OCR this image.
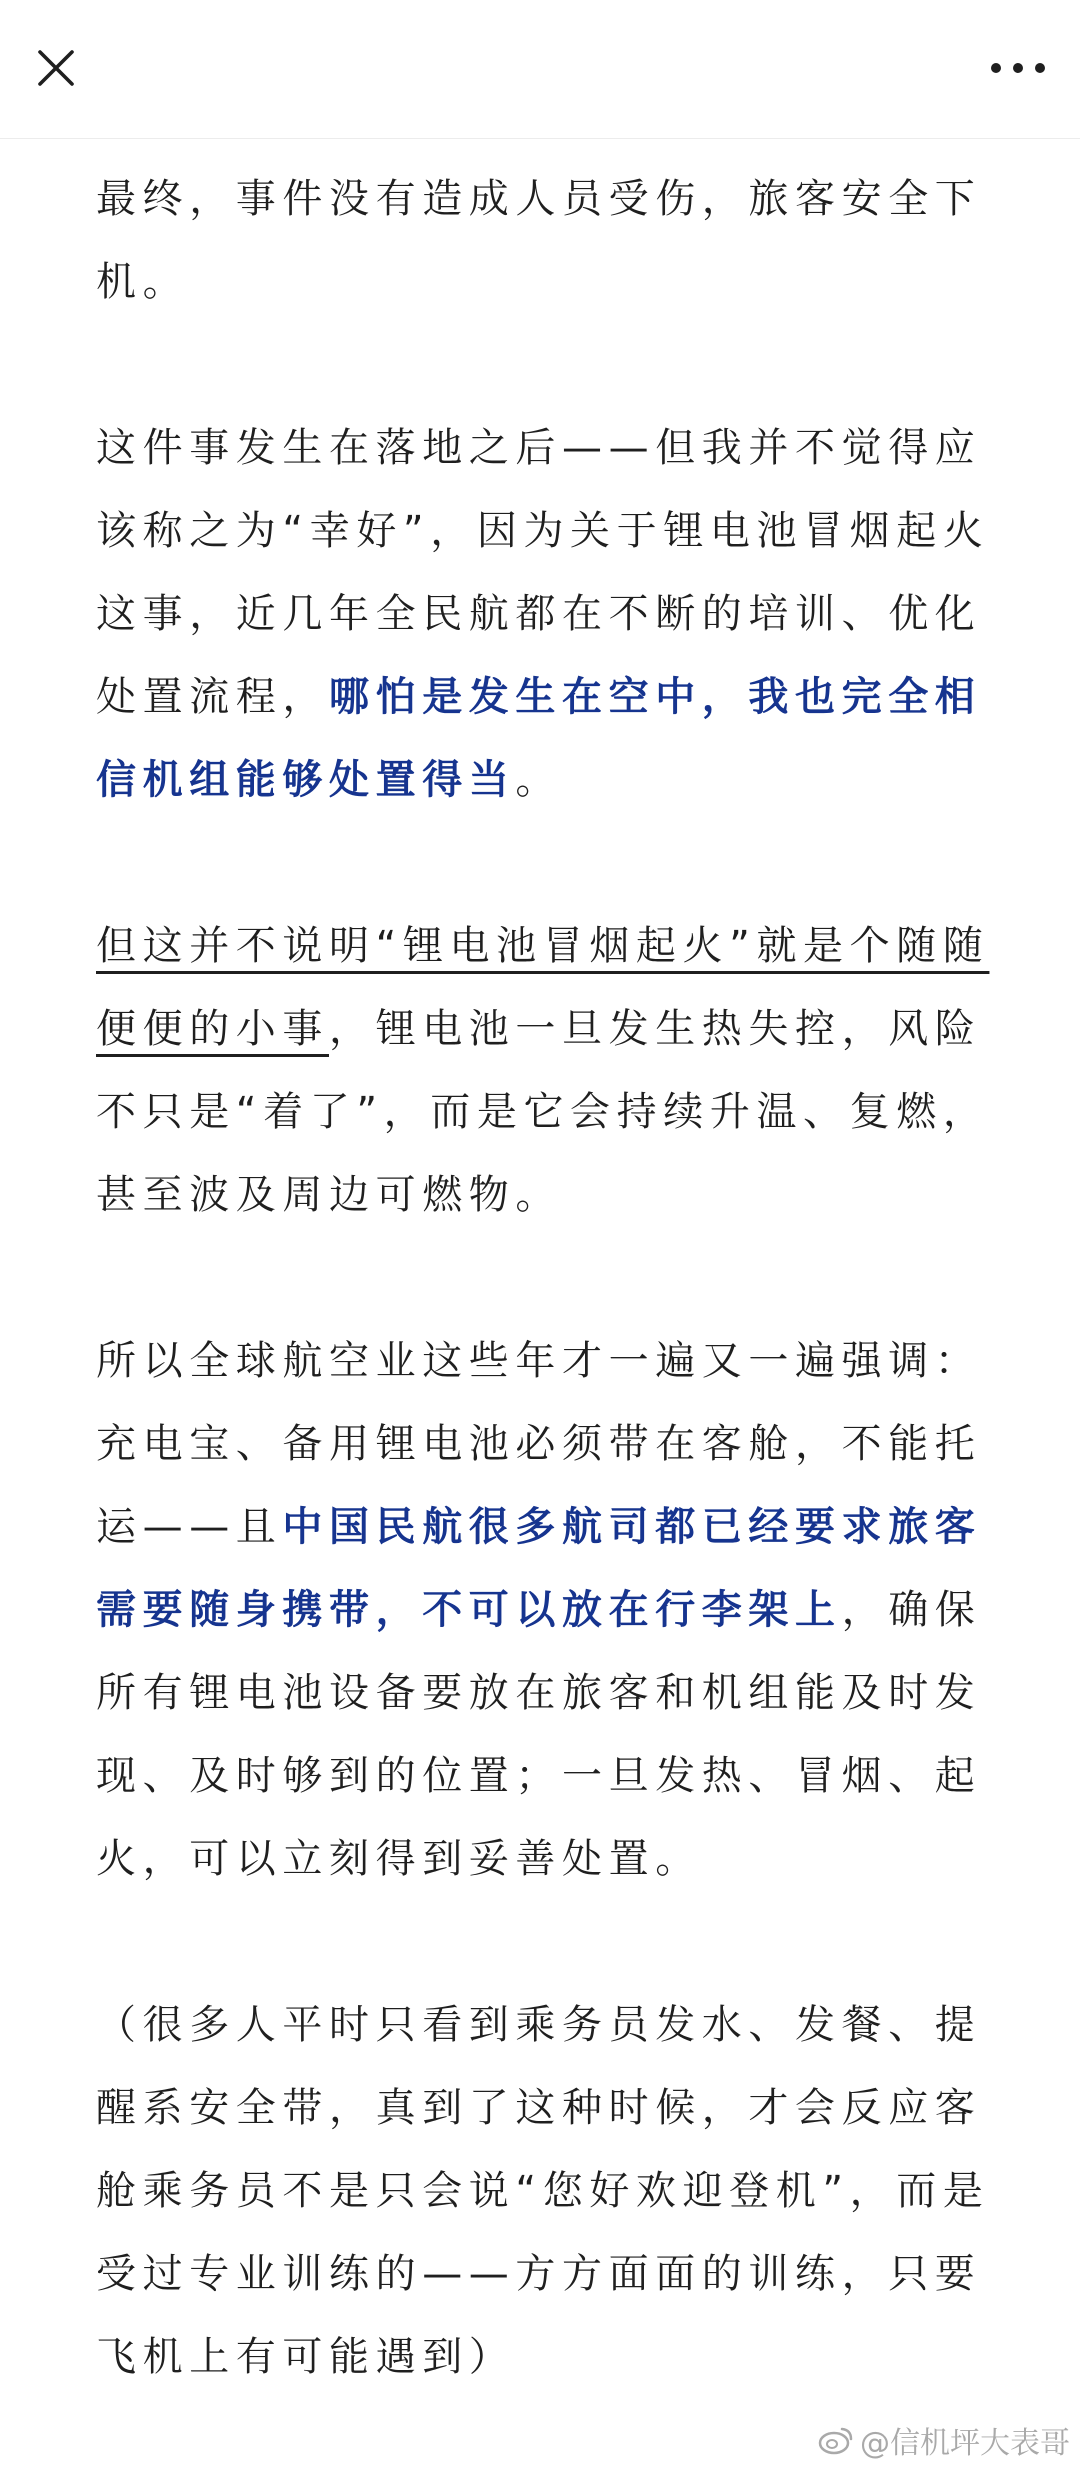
最终，事件没有造成人员受伤，旅客安全下机。

这件事发生在落地之后——但我并不觉得应该称之为“幸好”，因为关于锂电池冒烟起火这事，近几年全民航都在不断的培训、优化处置流程，哪怕是发生在空中，我也完全相信机组能够处置得当。

但这并不说明“锂电池冒烟起火”就是个随随便便的小事，锂电池一旦发生热失控，风险不只是“着了”，而是它会持续升温、复燃，甚至波及周边可燃物。

所以全球航空业这些年才一遍又一遍强调：充电宝、备用锂电池必须带在客舱，不能托运——且中国民航很多航司都已经要求旅客需要随身携带，不可以放在行李架上，确保所有锂电池设备要放在旅客和机组能及时发现、及时够到的位置；一旦发热、冒烟、起火，可以立刻得到妥善处置。

（很多人平时只看到乘务员发水、发餐、提醒系安全带，真到了这种时候，才会反应客舱乘务员不是只会说“您好欢迎登机”，而是受过专业训练的——方方面面的训练，只要飞机上有可能遇到）

@信机坪大表哥
